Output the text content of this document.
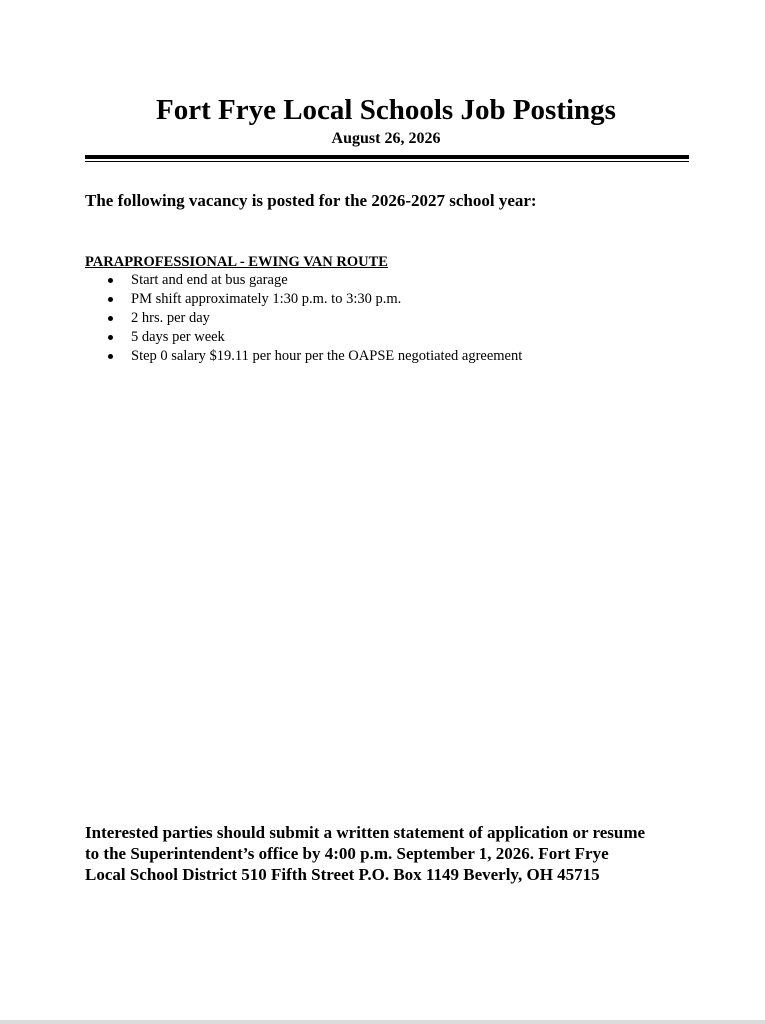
Fort Frye Local Schools Job Postings
August 26, 2026
The following vacancy is posted for the 2026-2027 school year:
PARAPROFESSIONAL - EWING VAN ROUTE
Start and end at bus garage
PM shift approximately 1:30 p.m. to 3:30 p.m.
2 hrs. per day
5 days per week
Step 0 salary $19.11 per hour per the OAPSE negotiated agreement

Interested parties should submit a written statement of application or resume

to the Superintendent’s office by 4:00 p.m. September 1, 2026. Fort Frye

Local School District 510 Fifth Street P.O. Box 1149 Beverly, OH 45715
